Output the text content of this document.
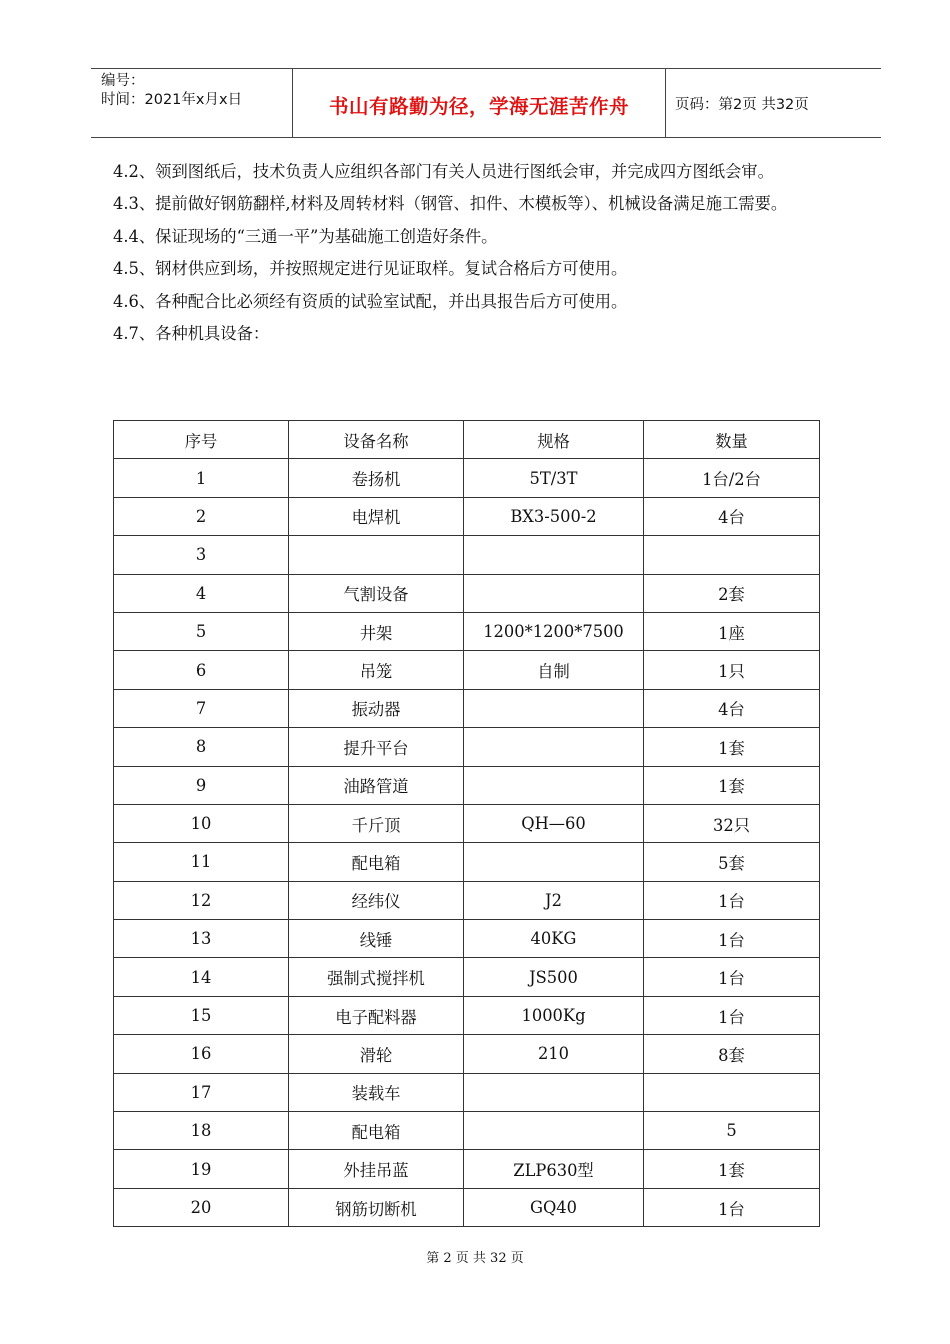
编号：
时间：2021年x月x日	书山有路勤为径，学海无涯苦作舟	页码：第2页 共32页

4.2、领到图纸后，技术负责人应组织各部门有关人员进行图纸会审，并完成四方图纸会审。

4.3、提前做好钢筋翻样,材料及周转材料（钢管、扣件、木模板等）、机械设备满足施工需要。

4.4、保证现场的“三通一平”为基础施工创造好条件。

4.5、钢材供应到场，并按照规定进行见证取样。复试合格后方可使用。

4.6、各种配合比必须经有资质的试验室试配，并出具报告后方可使用。

4.7、各种机具设备：

序号	设备名称	规格	数量
1	卷扬机	5T/3T	1台/2台
2	电焊机	BX3-500-2	4台
3			
4	气割设备		2套
5	井架	1200*1200*7500	1座
6	吊笼	自制	1只
7	振动器		4台
8	提升平台		1套
9	油路管道		1套
10	千斤顶	QH—60	32只
11	配电箱		5套
12	经纬仪	J2	1台
13	线锤	40KG	1台
14	强制式搅拌机	JS500	1台
15	电子配料器	1000Kg	1台
16	滑轮	210	8套
17	装载车		
18	配电箱		5
19	外挂吊蓝	ZLP630型	1套
20	钢筋切断机	GQ40	1台
第 2 页 共 32 页
